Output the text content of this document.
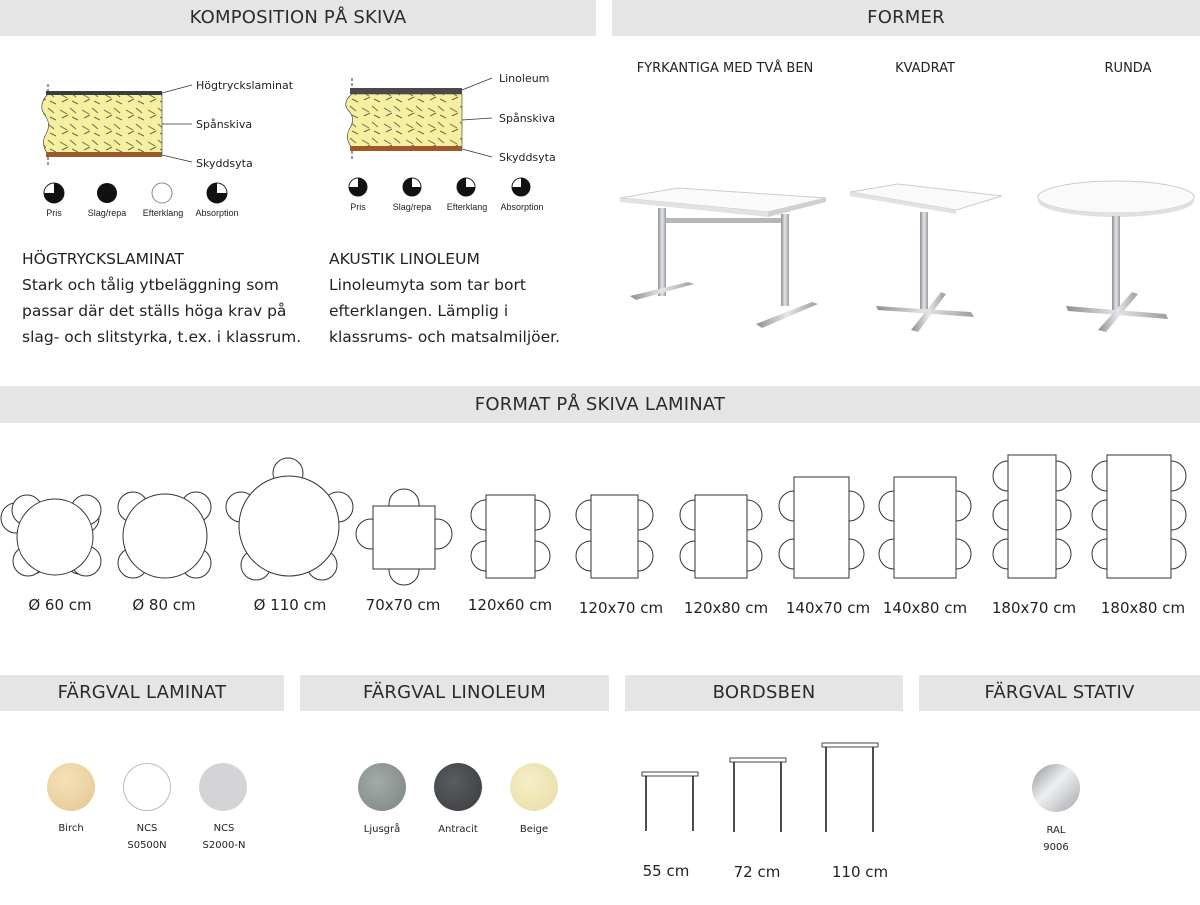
KOMPOSITION PÅ SKIVA	FORMER
FORMAT PÅ SKIVA LAMINAT
FÄRGVAL LAMINAT	FÄRGVAL LINOLEUM	BORDSBEN	FÄRGVAL STATIV
Högtryckslaminat
Spånskiva
Skyddsyta
Pris	Slag/repa	Efterklang	Absorption
Linoleum
Spånskiva
Skyddsyta
Pris	Slag/repa	Efterklang	Absorption
HÖGTRYCKSLAMINAT
Stark och tålig ytbeläggning som
passar där det ställs höga krav på
slag- och slitstyrka, t.ex. i klassrum.
AKUSTIK LINOLEUM
Linoleumyta som tar bort
efterklangen. Lämplig i
klassrums- och matsalmiljöer.
FYRKANTIGA MED TVÅ BEN	KVADRAT	RUNDA
Ø 60 cm	Ø 80 cm	Ø 110 cm	70x70 cm	120x60 cm	120x70 cm	120x80 cm	140x70 cm 140x80 cm	180x70 cm	180x80 cm
Birch	NCS
S0500N
NCS
S2000-N
Ljusgrå	Antracit	Beige
55 cm	72 cm	110 cm
RAL
9006
